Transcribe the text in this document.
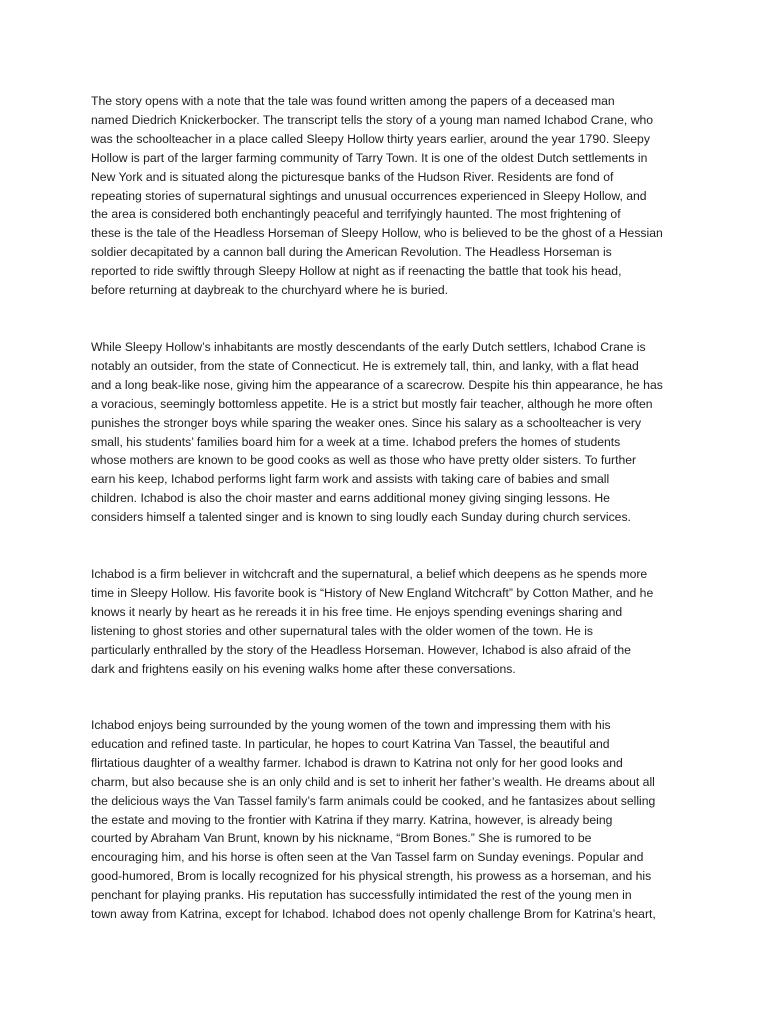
The story opens with a note that the tale was found written among the papers of a deceased man
named Diedrich Knickerbocker. The transcript tells the story of a young man named Ichabod Crane, who
was the schoolteacher in a place called Sleepy Hollow thirty years earlier, around the year 1790. Sleepy
Hollow is part of the larger farming community of Tarry Town. It is one of the oldest Dutch settlements in
New York and is situated along the picturesque banks of the Hudson River. Residents are fond of
repeating stories of supernatural sightings and unusual occurrences experienced in Sleepy Hollow, and
the area is considered both enchantingly peaceful and terrifyingly haunted. The most frightening of
these is the tale of the Headless Horseman of Sleepy Hollow, who is believed to be the ghost of a Hessian
soldier decapitated by a cannon ball during the American Revolution. The Headless Horseman is
reported to ride swiftly through Sleepy Hollow at night as if reenacting the battle that took his head,
before returning at daybreak to the churchyard where he is buried.

While Sleepy Hollow’s inhabitants are mostly descendants of the early Dutch settlers, Ichabod Crane is
notably an outsider, from the state of Connecticut. He is extremely tall, thin, and lanky, with a flat head
and a long beak-like nose, giving him the appearance of a scarecrow. Despite his thin appearance, he has
a voracious, seemingly bottomless appetite. He is a strict but mostly fair teacher, although he more often
punishes the stronger boys while sparing the weaker ones. Since his salary as a schoolteacher is very
small, his students’ families board him for a week at a time. Ichabod prefers the homes of students
whose mothers are known to be good cooks as well as those who have pretty older sisters. To further
earn his keep, Ichabod performs light farm work and assists with taking care of babies and small
children. Ichabod is also the choir master and earns additional money giving singing lessons. He
considers himself a talented singer and is known to sing loudly each Sunday during church services.

Ichabod is a firm believer in witchcraft and the supernatural, a belief which deepens as he spends more
time in Sleepy Hollow. His favorite book is “History of New England Witchcraft” by Cotton Mather, and he
knows it nearly by heart as he rereads it in his free time. He enjoys spending evenings sharing and
listening to ghost stories and other supernatural tales with the older women of the town. He is
particularly enthralled by the story of the Headless Horseman. However, Ichabod is also afraid of the
dark and frightens easily on his evening walks home after these conversations.

Ichabod enjoys being surrounded by the young women of the town and impressing them with his
education and refined taste. In particular, he hopes to court Katrina Van Tassel, the beautiful and
flirtatious daughter of a wealthy farmer. Ichabod is drawn to Katrina not only for her good looks and
charm, but also because she is an only child and is set to inherit her father’s wealth. He dreams about all
the delicious ways the Van Tassel family’s farm animals could be cooked, and he fantasizes about selling
the estate and moving to the frontier with Katrina if they marry. Katrina, however, is already being
courted by Abraham Van Brunt, known by his nickname, “Brom Bones.” She is rumored to be
encouraging him, and his horse is often seen at the Van Tassel farm on Sunday evenings. Popular and
good-humored, Brom is locally recognized for his physical strength, his prowess as a horseman, and his
penchant for playing pranks. His reputation has successfully intimidated the rest of the young men in
town away from Katrina, except for Ichabod. Ichabod does not openly challenge Brom for Katrina’s heart,
